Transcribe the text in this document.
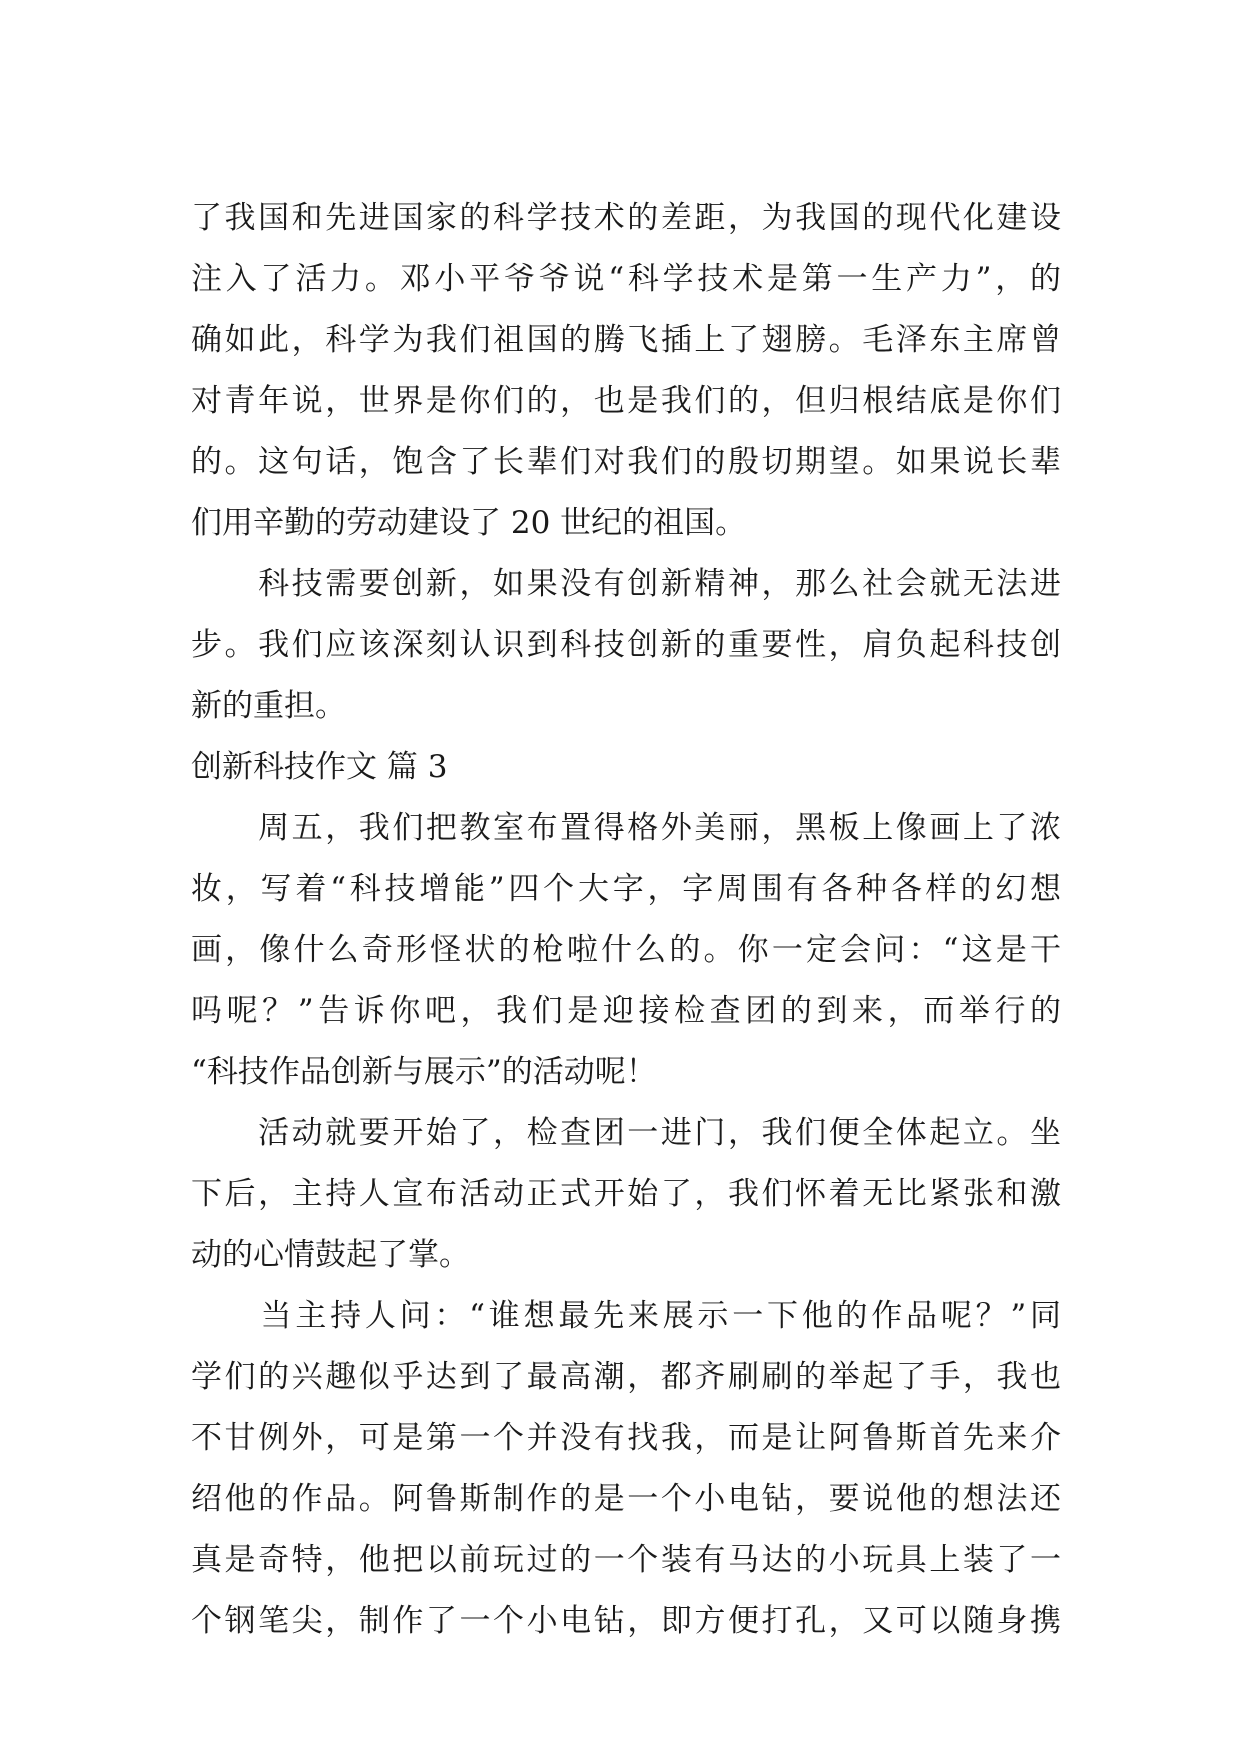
了我国和先进国家的科学技术的差距，为我国的现代化建设
注入了活力。邓小平爷爷说“科学技术是第一生产力”，的
确如此，科学为我们祖国的腾飞插上了翅膀。毛泽东主席曾
对青年说，世界是你们的，也是我们的，但归根结底是你们
的。这句话，饱含了长辈们对我们的殷切期望。如果说长辈
们用辛勤的劳动建设了 20 世纪的祖国。
　　科技需要创新，如果没有创新精神，那么社会就无法进
步。我们应该深刻认识到科技创新的重要性，肩负起科技创
新的重担。
创新科技作文 篇 3
　　周五，我们把教室布置得格外美丽，黑板上像画上了浓
妆，写着“科技增能”四个大字，字周围有各种各样的幻想
画，像什么奇形怪状的枪啦什么的。你一定会问：“这是干
吗呢？”告诉你吧，我们是迎接检查团的到来，而举行的
“科技作品创新与展示”的活动呢！
　　活动就要开始了，检查团一进门，我们便全体起立。坐
下后，主持人宣布活动正式开始了，我们怀着无比紧张和激
动的心情鼓起了掌。
　　当主持人问：“谁想最先来展示一下他的作品呢？”同
学们的兴趣似乎达到了最高潮，都齐刷刷的举起了手，我也
不甘例外，可是第一个并没有找我，而是让阿鲁斯首先来介
绍他的作品。阿鲁斯制作的是一个小电钻，要说他的想法还
真是奇特，他把以前玩过的一个装有马达的小玩具上装了一
个钢笔尖，制作了一个小电钻，即方便打孔，又可以随身携
